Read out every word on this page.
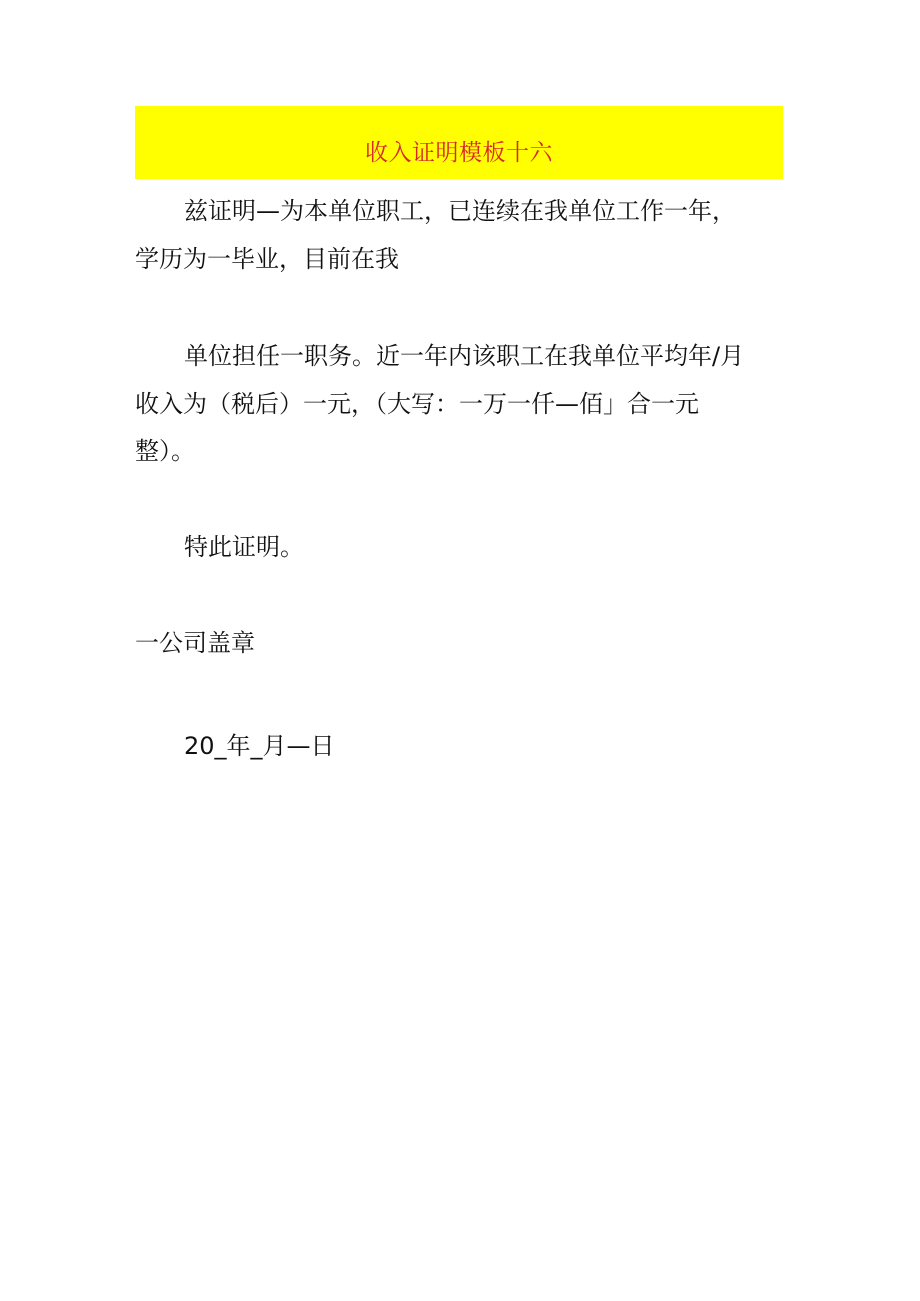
收入证明模板十六
兹证明—为本单位职工，已连续在我单位工作一年，
学历为一毕业，目前在我
单位担任一职务。近一年内该职工在我单位平均年/月
收入为（税后）一元，（大写：一万一仟—佰」合一元
整）。
特此证明。
一公司盖章
20_年_月—日
